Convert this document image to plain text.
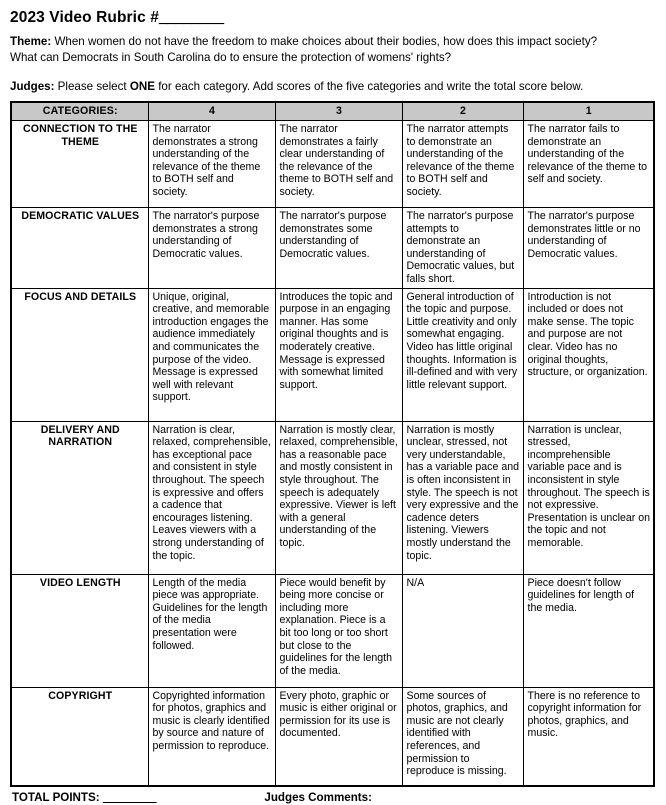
2023 Video Rubric #________
Theme: When women do not have the freedom to make choices about their bodies, how does this impact society?
What can Democrats in South Carolina do to ensure the protection of womens' rights?
Judges: Please select ONE for each category. Add scores of the five categories and write the total score below.
CATEGORIES:	4	3	2	1
CONNECTION TO THE THEME	The narrator demonstrates a strong understanding of the relevance of the theme to BOTH self and society.	The narrator demonstrates a fairly clear understanding of the relevance of the theme to BOTH self and society.	The narrator attempts to demonstrate an understanding of the relevance of the theme to BOTH self and society.	The narrator fails to demonstrate an understanding of the relevance of the theme to self and society.
DEMOCRATIC VALUES	The narrator's purpose demonstrates a strong understanding of Democratic values.	The narrator's purpose demonstrates some understanding of Democratic values.	The narrator's purpose attempts to demonstrate an understanding of Democratic values, but falls short.	The narrator's purpose demonstrates little or no understanding of Democratic values.
FOCUS AND DETAILS	Unique, original, creative, and memorable introduction engages the audience immediately and communicates the purpose of the video. Message is expressed well with relevant support.	Introduces the topic and purpose in an engaging manner. Has some original thoughts and is moderately creative. Message is expressed with somewhat limited support.	General introduction of the topic and purpose. Little creativity and only somewhat engaging. Video has little original thoughts. Information is ill-defined and with very little relevant support.	Introduction is not included or does not make sense. The topic and purpose are not clear. Video has no original thoughts, structure, or organization.
DELIVERY AND NARRATION	Narration is clear, relaxed, comprehensible, has exceptional pace and consistent in style throughout. The speech is expressive and offers a cadence that encourages listening. Leaves viewers with a strong understanding of the topic.	Narration is mostly clear, relaxed, comprehensible, has a reasonable pace and mostly consistent in style throughout. The speech is adequately expressive. Viewer is left with a general understanding of the topic.	Narration is mostly unclear, stressed, not very understandable, has a variable pace and is often inconsistent in style. The speech is not very expressive and the cadence deters listening. Viewers mostly understand the topic.	Narration is unclear, stressed, incomprehensible variable pace and is inconsistent in style throughout. The speech is not expressive. Presentation is unclear on the topic and not memorable.
VIDEO LENGTH	Length of the media piece was appropriate. Guidelines for the length of the media presentation were followed.	Piece would benefit by being more concise or including more explanation. Piece is a bit too long or too short but close to the guidelines for the length of the media.	N/A	Piece doesn't follow guidelines for length of the media.
COPYRIGHT	Copyrighted information for photos, graphics and music is clearly identified by source and nature of permission to reproduce.	Every photo, graphic or music is either original or permission for its use is documented.	Some sources of photos, graphics, and music are not clearly identified with references, and permission to reproduce is missing.	There is no reference to copyright information for photos, graphics, and music.
TOTAL POINTS: _________	Judges Comments:
